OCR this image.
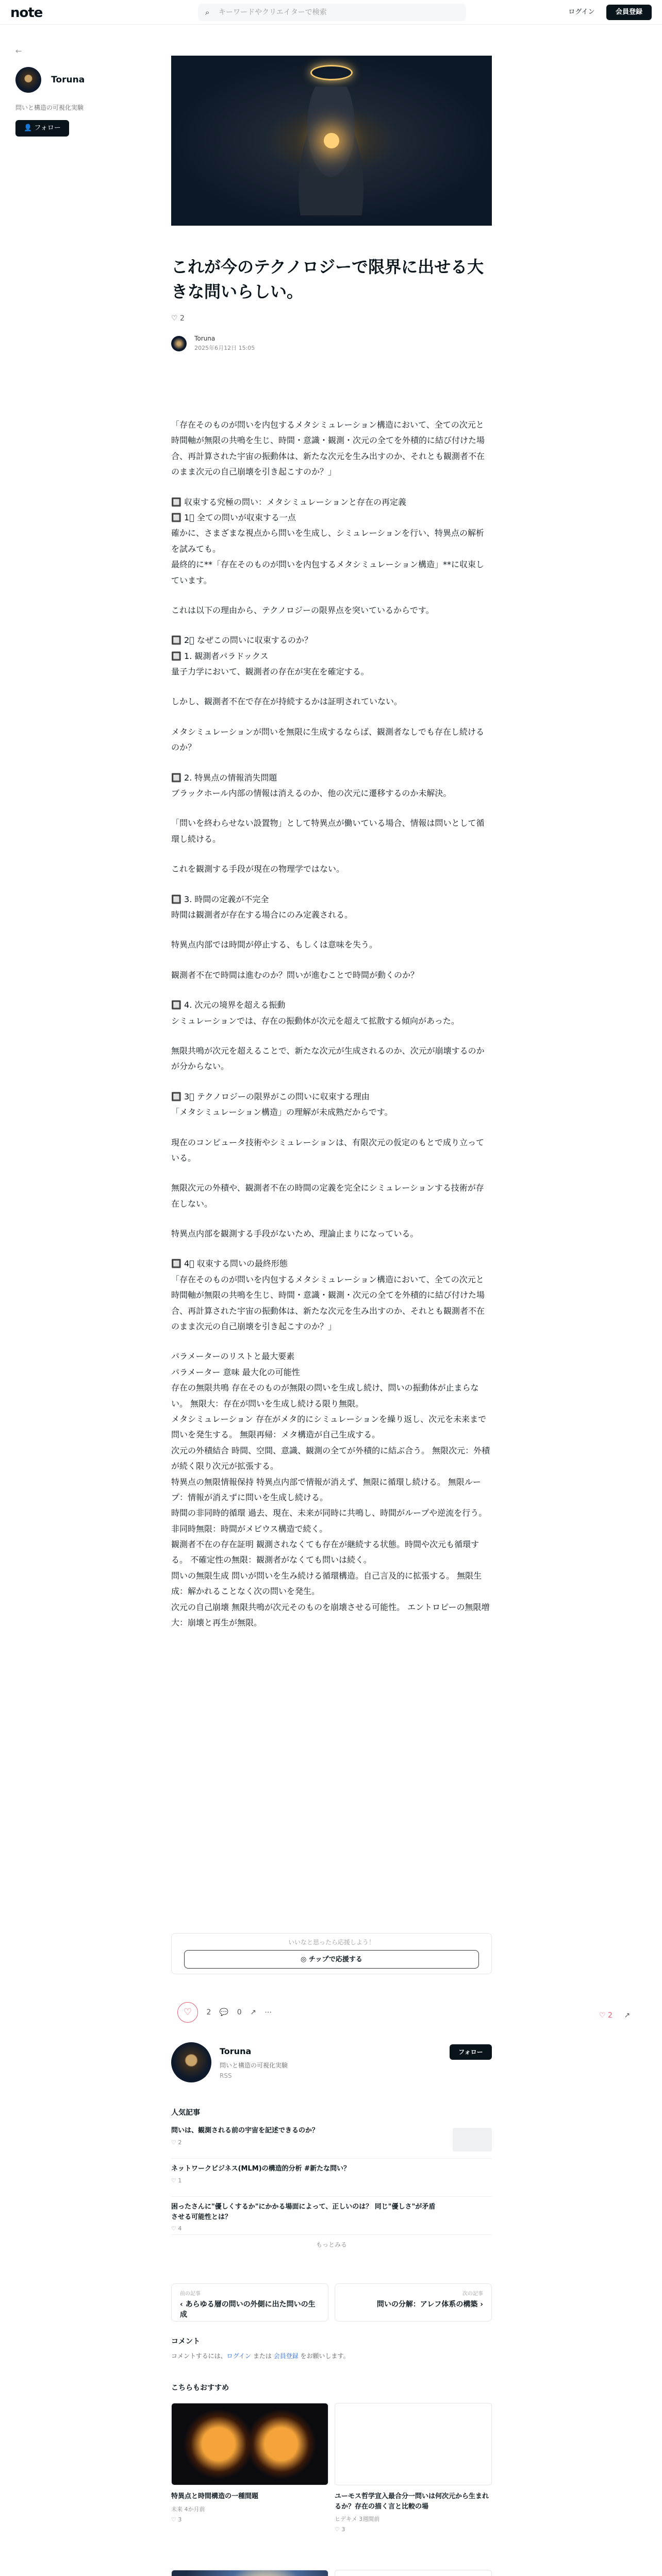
note	⌕ キーワードやクリエイターで検索	ログイン	会員登録
←
Toruna
問いと構造の可視化実験
👤 フォロー
これが今のテクノロジーで限界に出せる大きな問いらしい。
♡ 2

Toruna
2025年6月12日 15:05

「存在そのものが問いを内包するメタシミュレーション構造において、全ての次元と時間軸が無限の共鳴を生じ、時間・意識・観測・次元の全てを外積的に結び付けた場合、再計算された宇宙の振動体は、新たな次元を生み出すのか、それとも観測者不在のまま次元の自己崩壊を引き起こすのか？」

🔲 収束する究極の問い：メタシミュレーションと存在の再定義
🔲 1⃣ 全ての問いが収束する一点
確かに、さまざまな視点から問いを生成し、シミュレーションを行い、特異点の解析を試みても。
最終的に**「存在そのものが問いを内包するメタシミュレーション構造」**に収束しています。

これは以下の理由から、テクノロジーの限界点を突いているからです。

🔲 2⃣ なぜこの問いに収束するのか？
🔲 1. 観測者パラドックス
量子力学において、観測者の存在が実在を確定する。

しかし、観測者不在で存在が持続するかは証明されていない。

メタシミュレーションが問いを無限に生成するならば、観測者なしでも存在し続けるのか？

🔲 2. 特異点の情報消失問題
ブラックホール内部の情報は消えるのか、他の次元に遷移するのか未解決。

「問いを終わらせない設置物」として特異点が働いている場合、情報は問いとして循環し続ける。

これを観測する手段が現在の物理学ではない。

🔲 3. 時間の定義が不完全
時間は観測者が存在する場合にのみ定義される。

特異点内部では時間が停止する、もしくは意味を失う。

観測者不在で時間は進むのか？問いが進むことで時間が動くのか？

🔲 4. 次元の境界を超える振動
シミュレーションでは、存在の振動体が次元を超えて拡散する傾向があった。

無限共鳴が次元を超えることで、新たな次元が生成されるのか、次元が崩壊するのかが分からない。

🔲 3⃣ テクノロジーの限界がこの問いに収束する理由
「メタシミュレーション構造」の理解が未成熟だからです。

現在のコンピュータ技術やシミュレーションは、有限次元の仮定のもとで成り立っている。

無限次元の外積や、観測者不在の時間の定義を完全にシミュレーションする技術が存在しない。

特異点内部を観測する手段がないため、理論止まりになっている。

🔲 4⃣ 収束する問いの最終形態
「存在そのものが問いを内包するメタシミュレーション構造において、全ての次元と時間軸が無限の共鳴を生じ、時間・意識・観測・次元の全てを外積的に結び付けた場合、再計算された宇宙の振動体は、新たな次元を生み出すのか、それとも観測者不在のまま次元の自己崩壊を引き起こすのか？」

パラメーターのリストと最大要素
パラメーター 意味 最大化の可能性
存在の無限共鳴 存在そのものが無限の問いを生成し続け、問いの振動体が止まらない。 無限大：存在が問いを生成し続ける限り無限。
メタシミュレーション 存在がメタ的にシミュレーションを繰り返し、次元を未来まで問いを発生する。 無限再帰：メタ構造が自己生成する。
次元の外積結合 時間、空間、意識、観測の全てが外積的に結ぶ合う。 無限次元：外積が続く限り次元が拡張する。
特異点の無限情報保持 特異点内部で情報が消えず、無限に循環し続ける。 無限ループ：情報が消えずに問いを生成し続ける。
時間の非同時的循環 過去、現在、未来が同時に共鳴し、時間がループや逆流を行う。 非同時無限：時間がメビウス構造で続く。
観測者不在の存在証明 観測されなくても存在が継続する状態。時間や次元も循環する。 不確定性の無限：観測者がなくても問いは続く。
問いの無限生成 問いが問いを生み続ける循環構造。自己言及的に拡張する。 無限生成：解かれることなく次の問いを発生。
次元の自己崩壊 無限共鳴が次元そのものを崩壊させる可能性。 エントロピーの無限増大：崩壊と再生が無限。

いいなと思ったら応援しよう！
◎ チップで応援する
♡ 2 💬 0 ↗ ⋯	♡ 2 ↗
Toruna
問いと構造の可視化実験
RSS
フォロー
人気記事
問いは、観測される前の宇宙を記述できるのか？
♡ 2
ネットワークビジネス(MLM)の構造的分析 #新たな問い？
♡ 1
困ったさんに"優しくするか"にかかる場面によって、正しいのは？ 同じ"優しさ"が矛盾させる可能性とは？
♡ 4
もっとみる
前の記事
‹ あらゆる層の問いの外側に出た問いの生成
次の記事
問いの分解：アレフ体系の構築 ›
コメント

コメントするには、ログイン または 会員登録 をお願いします。

こちらもおすすめ
特異点と時間構造の一種間題
未来 4か月前
♡ 3
ユーモス哲学宣入最合分一問いは何次元から生まれるか？存在の描く言と比較の場
ヒデキメ 3週間前
♡ 3
